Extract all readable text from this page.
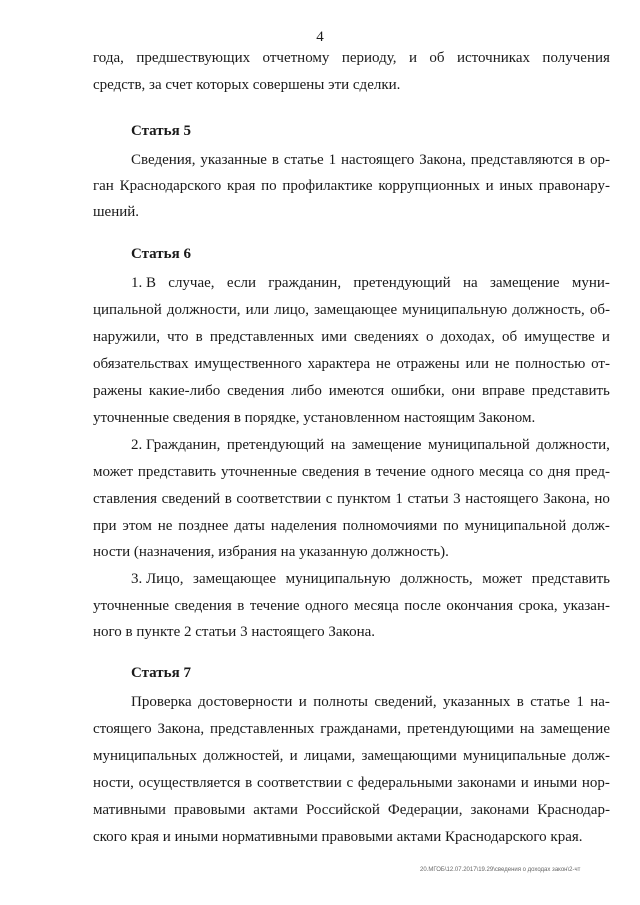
4
года, предшествующих отчетному периоду, и об источниках получения
средств, за счет которых совершены эти сделки.
Статья 5
Сведения, указанные в статье 1 настоящего Закона, представляются в ор-
ган Краснодарского края по профилактике коррупционных и иных правонару-
шений.
Статья 6
1. В случае, если гражданин, претендующий на замещение муни-
ципальной должности, или лицо, замещающее муниципальную должность, об-
наружили, что в представленных ими сведениях о доходах, об имуществе и
обязательствах имущественного характера не отражены или не полностью от-
ражены какие-либо сведения либо имеются ошибки, они вправе представить
уточненные сведения в порядке, установленном настоящим Законом.
2. Гражданин, претендующий на замещение муниципальной должности,
может представить уточненные сведения в течение одного месяца со дня пред-
ставления сведений в соответствии с пунктом 1 статьи 3 настоящего Закона, но
при этом не позднее даты наделения полномочиями по муниципальной долж-
ности (назначения, избрания на указанную должность).
3. Лицо, замещающее муниципальную должность, может представить
уточненные сведения в течение одного месяца после окончания срока, указан-
ного в пункте 2 статьи 3 настоящего Закона.
Статья 7
Проверка достоверности и полноты сведений, указанных в статье 1 на-
стоящего Закона, представленных гражданами, претендующими на замещение
муниципальных должностей, и лицами, замещающими муниципальные долж-
ности, осуществляется в соответствии с федеральными законами и иными нор-
мативными правовыми актами Российской Федерации, законами Краснодар-
ского края и иными нормативными правовыми актами Краснодарского края.
20.МГОБ\12.07.2017\19.29\сведения о доходах закон\2-чт
